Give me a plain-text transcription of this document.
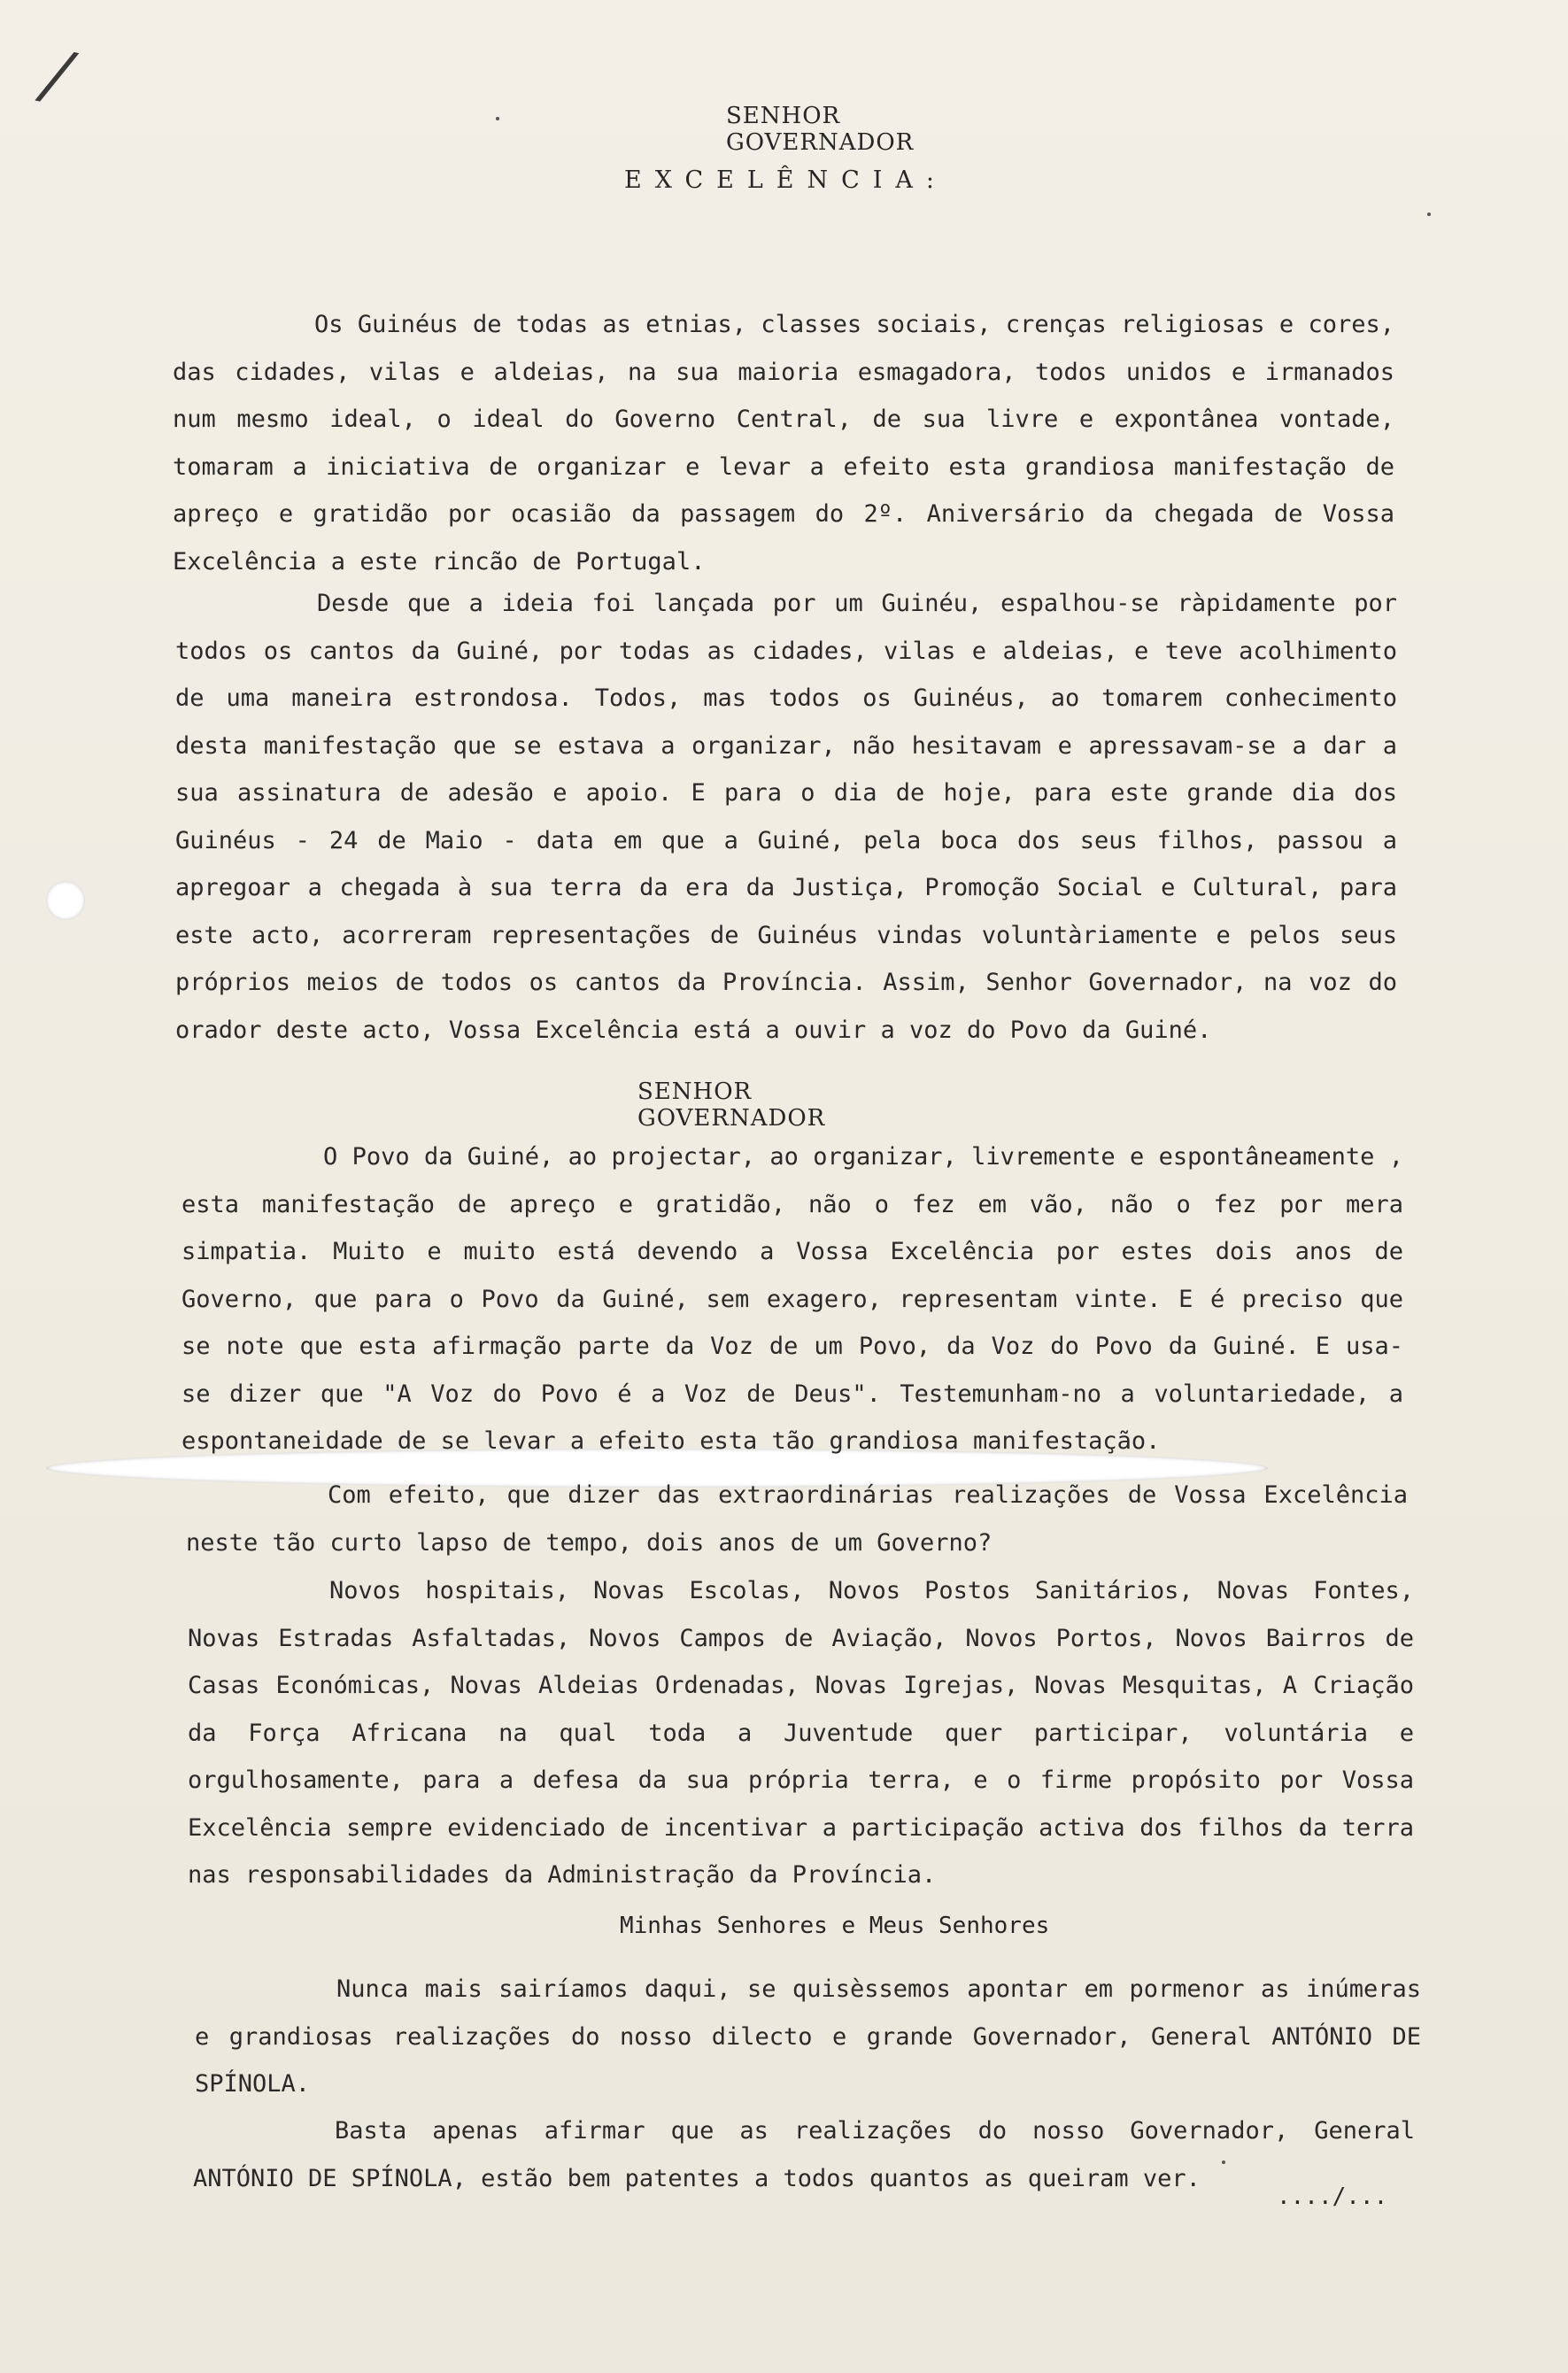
/
SENHOR GOVERNADOR
EXCELÊNCIA:
Os Guinéus de todas as etnias, classes sociais, crenças religiosas e cores, das cidades, vilas e aldeias, na sua maioria esmagadora, todos unidos e irmanados num mesmo ideal, o ideal do Governo Central, de sua livre e expontânea vontade, tomaram a iniciativa de organizar e levar a efeito esta grandiosa manifestação de apreço e gratidão por ocasião da passagem do 2º. Aniversário da chegada de Vossa Excelência a este rincão de Portugal.
Desde que a ideia foi lançada por um Guinéu, espalhou-se ràpidamente por todos os cantos da Guiné, por todas as cidades, vilas e aldeias, e teve acolhimento de uma maneira estrondosa. Todos, mas todos os Guinéus, ao tomarem conhecimento desta manifestação que se estava a organizar, não hesitavam e apressavam-se a dar a sua assinatura de adesão e apoio. E para o dia de hoje, para este grande dia dos Guinéus - 24 de Maio - data em que a Guiné, pela boca dos seus filhos, passou a apregoar a chegada à sua terra da era da Justiça, Promoção Social e Cultural, para este acto, acorreram representações de Guinéus vindas voluntàriamente e pelos seus próprios meios de todos os cantos da Província. Assim, Senhor Governador, na voz do orador deste acto, Vossa Excelência está a ouvir a voz do Povo da Guiné.
SENHOR GOVERNADOR
O Povo da Guiné, ao projectar, ao organizar, livremente e espontâneamente , esta manifestação de apreço e gratidão, não o fez em vão, não o fez por mera simpatia. Muito e muito está devendo a Vossa Excelência por estes dois anos de Governo, que para o Povo da Guiné, sem exagero, representam vinte. E é preciso que se note que esta afirmação parte da Voz de um Povo, da Voz do Povo da Guiné. E usa-se dizer que "A Voz do Povo é a Voz de Deus". Testemunham-no a voluntariedade, a espontaneidade de se levar a efeito esta tão grandiosa manifestação.
Com efeito, que dizer das extraordinárias realizações de Vossa Excelência neste tão curto lapso de tempo, dois anos de um Governo?
Novos hospitais, Novas Escolas, Novos Postos Sanitários, Novas Fontes, Novas Estradas Asfaltadas, Novos Campos de Aviação, Novos Portos, Novos Bairros de Casas Económicas, Novas Aldeias Ordenadas, Novas Igrejas, Novas Mesquitas, A Criação da Força Africana na qual toda a Juventude quer participar, voluntária e orgulhosamente, para a defesa da sua própria terra, e o firme propósito por Vossa Excelência sempre evidenciado de incentivar a participação activa dos filhos da terra nas responsabilidades da Administração da Província.
Minhas Senhores e Meus Senhores
Nunca mais sairíamos daqui, se quisèssemos apontar em pormenor as inúmeras e grandiosas realizações do nosso dilecto e grande Governador, General ANTÓNIO DE SPÍNOLA.
Basta apenas afirmar que as realizações do nosso Governador, General ANTÓNIO DE SPÍNOLA, estão bem patentes a todos quantos as queiram ver.
..../...
